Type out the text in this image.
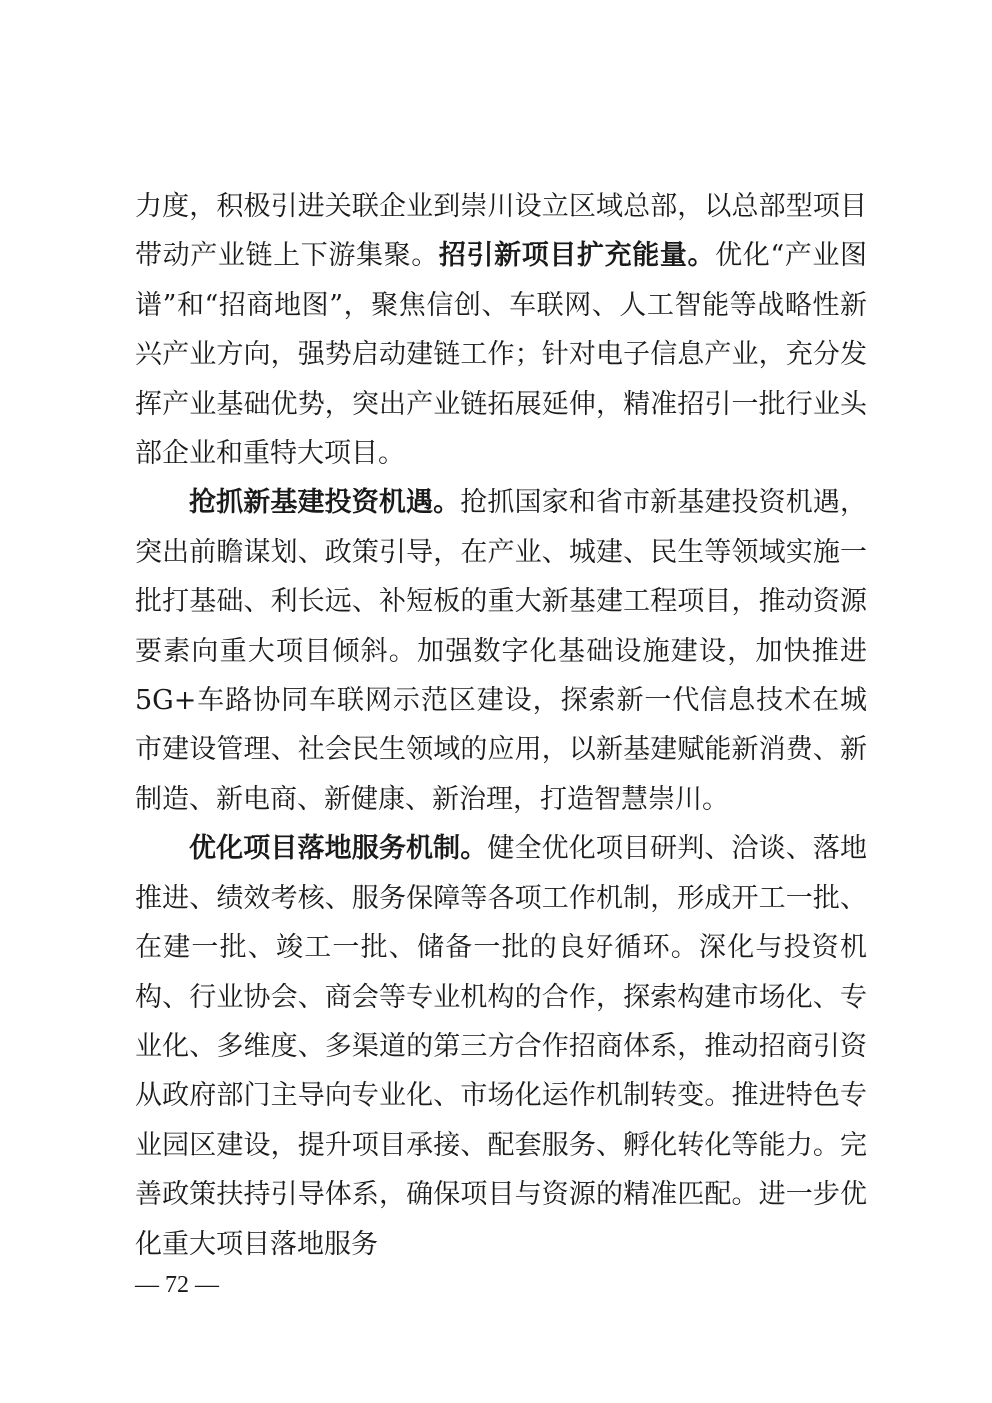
力度，积极引进关联企业到崇川设立区域总部，以总部型项目带动产业链上下游集聚。招引新项目扩充能量。优化“产业图谱”和“招商地图”，聚焦信创、车联网、人工智能等战略性新兴产业方向，强势启动建链工作；针对电子信息产业，充分发挥产业基础优势，突出产业链拓展延伸，精准招引一批行业头部企业和重特大项目。

抢抓新基建投资机遇。抢抓国家和省市新基建投资机遇，突出前瞻谋划、政策引导，在产业、城建、民生等领域实施一批打基础、利长远、补短板的重大新基建工程项目，推动资源要素向重大项目倾斜。加强数字化基础设施建设，加快推进5G+车路协同车联网示范区建设，探索新一代信息技术在城市建设管理、社会民生领域的应用，以新基建赋能新消费、新制造、新电商、新健康、新治理，打造智慧崇川。

优化项目落地服务机制。健全优化项目研判、洽谈、落地推进、绩效考核、服务保障等各项工作机制，形成开工一批、在建一批、竣工一批、储备一批的良好循环。深化与投资机构、行业协会、商会等专业机构的合作，探索构建市场化、专业化、多维度、多渠道的第三方合作招商体系，推动招商引资从政府部门主导向专业化、市场化运作机制转变。推进特色专业园区建设，提升项目承接、配套服务、孵化转化等能力。完善政策扶持引导体系，确保项目与资源的精准匹配。进一步优化重大项目落地服务

— 72 —
